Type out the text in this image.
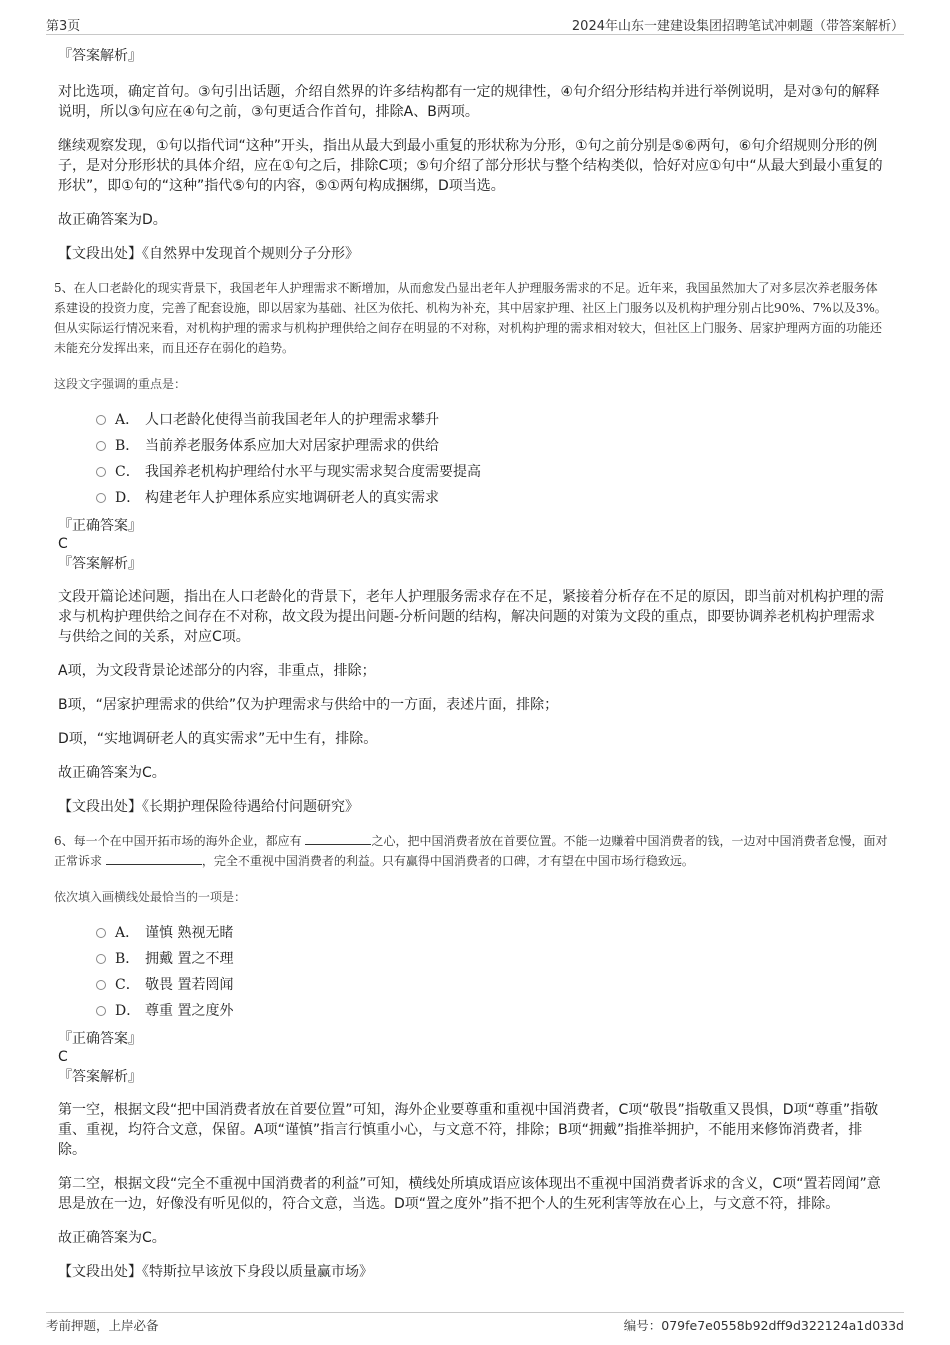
第3页	2024年山东一建建设集团招聘笔试冲刺题（带答案解析）
『答案解析』

对比选项，确定首句。③句引出话题，介绍自然界的许多结构都有一定的规律性，④句介绍分形结构并进行举例说明，是对③句的解释说明，所以③句应在④句之前，③句更适合作首句，排除A、B两项。

继续观察发现，①句以指代词“这种”开头，指出从最大到最小重复的形状称为分形，①句之前分别是⑤⑥两句，⑥句介绍规则分形的例子，是对分形形状的具体介绍，应在①句之后，排除C项；⑤句介绍了部分形状与整个结构类似，恰好对应①句中“从最大到最小重复的形状”，即①句的“这种”指代⑤句的内容，⑤①两句构成捆绑，D项当选。

故正确答案为D。

【文段出处】《自然界中发现首个规则分子分形》

5、在人口老龄化的现实背景下，我国老年人护理需求不断增加，从而愈发凸显出老年人护理服务需求的不足。近年来，我国虽然加大了对多层次养老服务体系建设的投资力度，完善了配套设施，即以居家为基础、社区为依托、机构为补充，其中居家护理、社区上门服务以及机构护理分别占比90%、7%以及3%。但从实际运行情况来看，对机构护理的需求与机构护理供给之间存在明显的不对称，对机构护理的需求相对较大，但社区上门服务、居家护理两方面的功能还未能充分发挥出来，而且还存在弱化的趋势。

这段文字强调的重点是：

A． 人口老龄化使得当前我国老年人的护理需求攀升
B． 当前养老服务体系应加大对居家护理需求的供给
C． 我国养老机构护理给付水平与现实需求契合度需要提高
D． 构建老年人护理体系应实地调研老人的真实需求
『正确答案』
C
『答案解析』

文段开篇论述问题，指出在人口老龄化的背景下，老年人护理服务需求存在不足，紧接着分析存在不足的原因，即当前对机构护理的需求与机构护理供给之间存在不对称，故文段为提出问题-分析问题的结构，解决问题的对策为文段的重点，即要协调养老机构护理需求与供给之间的关系，对应C项。

A项，为文段背景论述部分的内容，非重点，排除；

B项，“居家护理需求的供给”仅为护理需求与供给中的一方面，表述片面，排除；

D项，“实地调研老人的真实需求”无中生有，排除。

故正确答案为C。

【文段出处】《长期护理保险待遇给付问题研究》

6、每一个在中国开拓市场的海外企业，都应有	之心，把中国消费者放在首要位置。不能一边赚着中国消费者的钱，一边对中国消费者怠慢，面对正常诉求	，完全不重视中国消费者的利益。只有赢得中国消费者的口碑，才有望在中国市场行稳致远。

依次填入画横线处最恰当的一项是：

A． 谨慎 熟视无睹
B． 拥戴 置之不理
C． 敬畏 置若罔闻
D． 尊重 置之度外
『正确答案』
C
『答案解析』

第一空，根据文段“把中国消费者放在首要位置”可知，海外企业要尊重和重视中国消费者，C项“敬畏”指敬重又畏惧，D项“尊重”指敬重、重视，均符合文意，保留。A项“谨慎”指言行慎重小心，与文意不符，排除；B项“拥戴”指推举拥护，不能用来修饰消费者，排除。

第二空，根据文段“完全不重视中国消费者的利益”可知，横线处所填成语应该体现出不重视中国消费者诉求的含义，C项“置若罔闻”意思是放在一边，好像没有听见似的，符合文意，当选。D项“置之度外”指不把个人的生死利害等放在心上，与文意不符，排除。

故正确答案为C。

【文段出处】《特斯拉早该放下身段以质量赢市场》

考前押题，上岸必备	编号：079fe7e0558b92dff9d322124a1d033d
